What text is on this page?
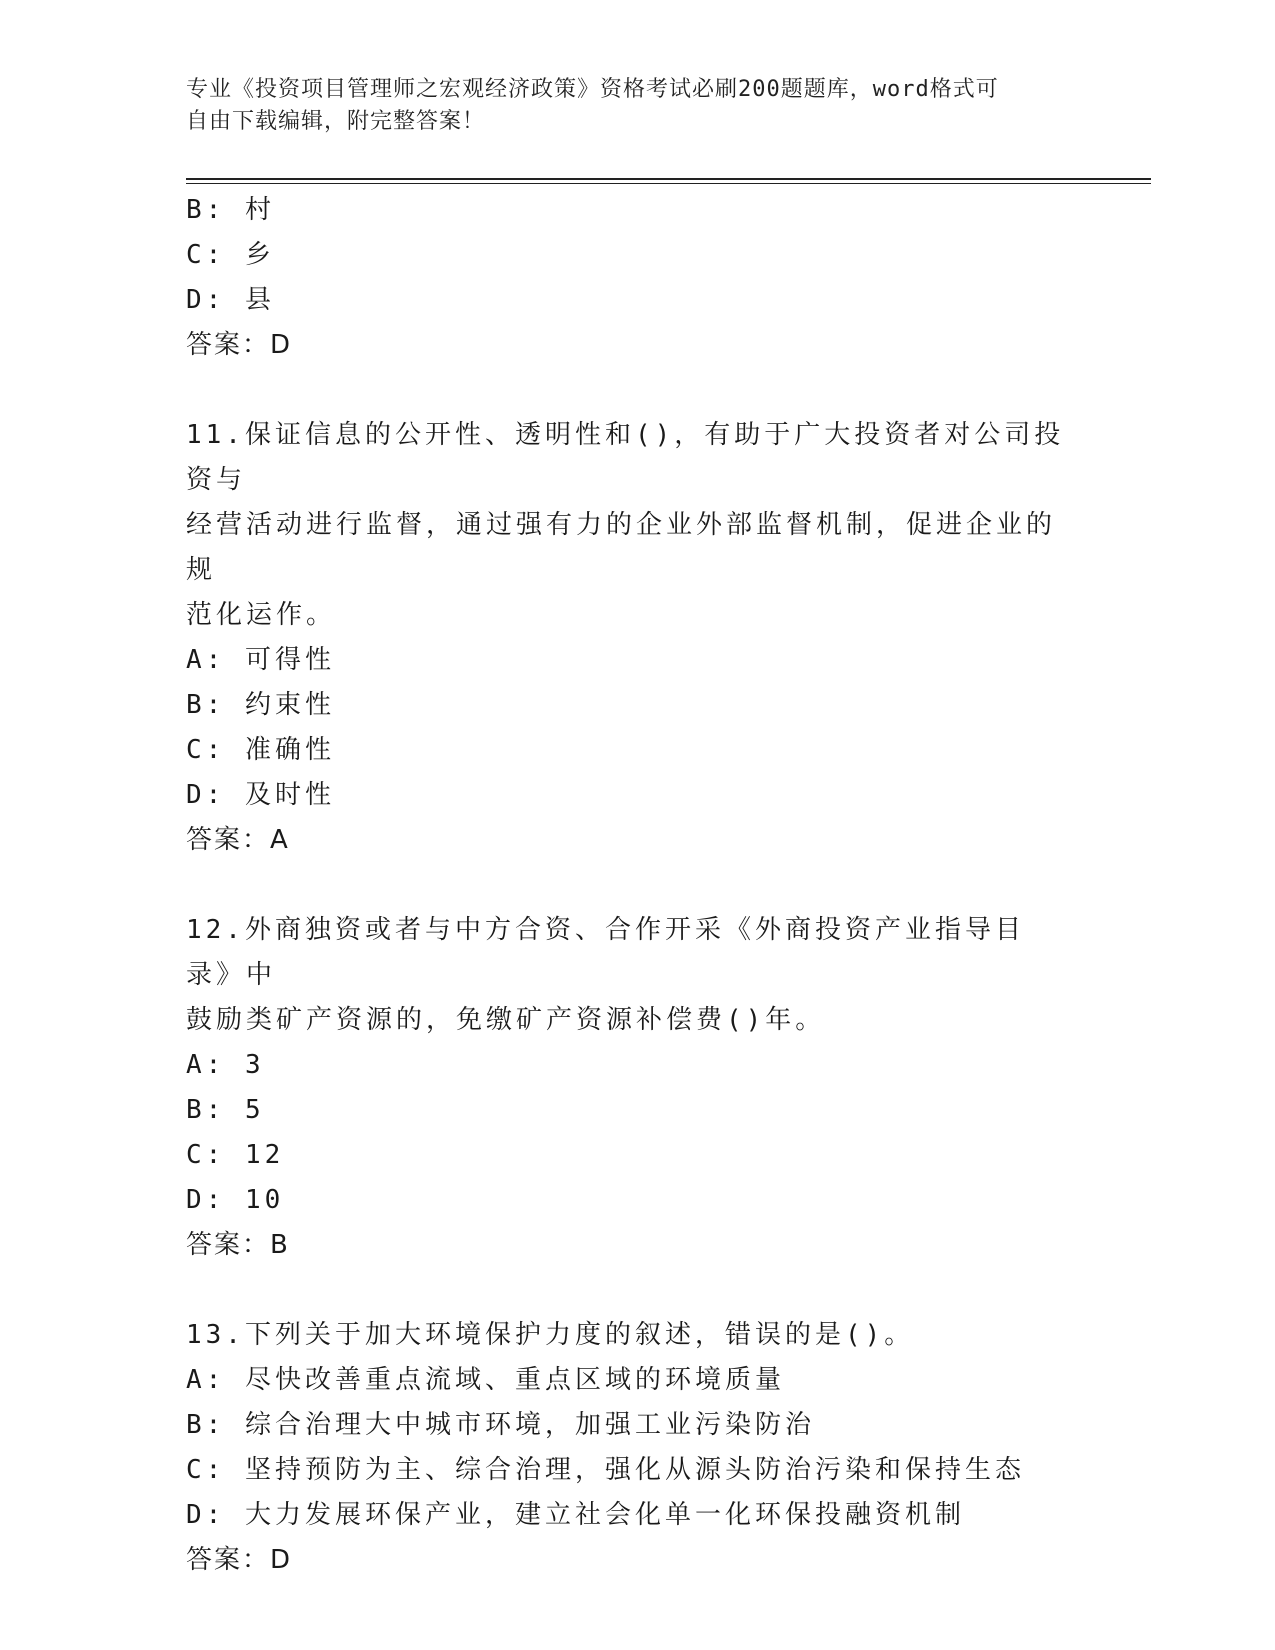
专业《投资项目管理师之宏观经济政策》资格考试必刷200题题库，word格式可
自由下载编辑，附完整答案！
B: 村
C: 乡
D: 县
答案：D
11.保证信息的公开性、透明性和()，有助于广大投资者对公司投资与
经营活动进行监督，通过强有力的企业外部监督机制，促进企业的规
范化运作。
A: 可得性
B: 约束性
C: 准确性
D: 及时性
答案：A
12.外商独资或者与中方合资、合作开采《外商投资产业指导目录》中
鼓励类矿产资源的，免缴矿产资源补偿费()年。
A: 3
B: 5
C: 12
D: 10
答案：B
13.下列关于加大环境保护力度的叙述，错误的是()。
A: 尽快改善重点流域、重点区域的环境质量
B: 综合治理大中城市环境，加强工业污染防治
C: 坚持预防为主、综合治理，强化从源头防治污染和保持生态
D: 大力发展环保产业，建立社会化单一化环保投融资机制
答案：D
